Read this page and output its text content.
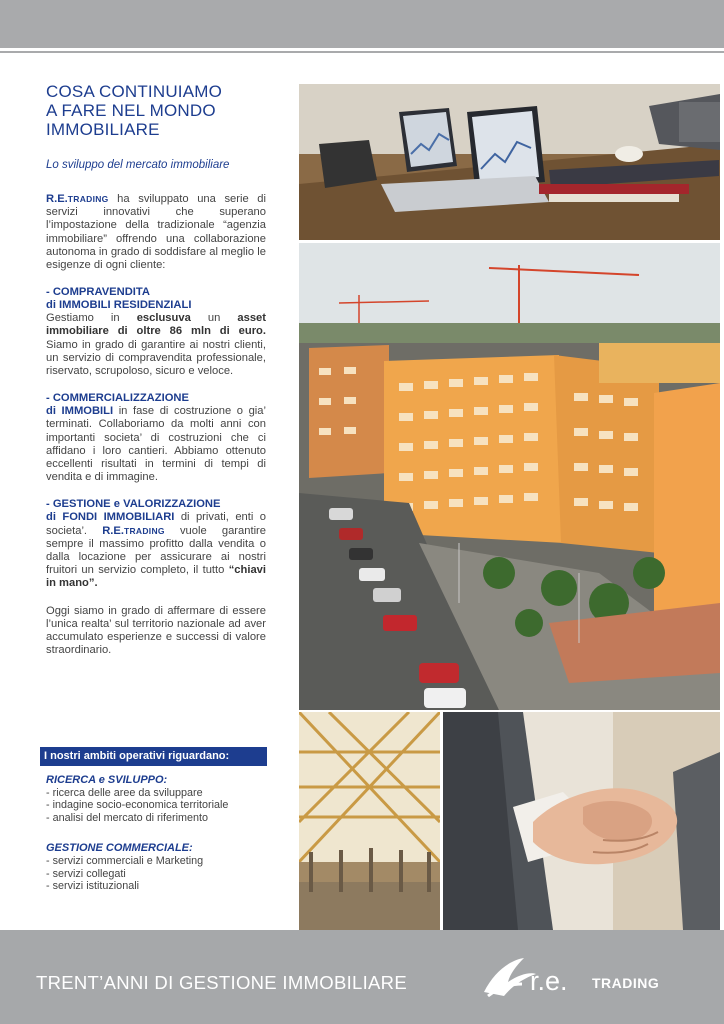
COSA CONTINUIAMO
A FARE NEL MONDO
IMMOBILIARE
Lo sviluppo del mercato immobiliare
R.E.TRADING ha sviluppato una serie di servizi innovativi che superano l’impostazione della tradizionale “agenzia immobiliare” offrendo una collaborazione autonoma in grado di soddisfare al meglio le esigenze di ogni cliente:
- COMPRAVENDITA
di IMMOBILI RESIDENZIALI
Gestiamo in esclusuva un asset immobiliare di oltre 86 mln di euro. Siamo in grado di garantire ai nostri clienti, un servizio di compravendita professionale, riservato, scrupoloso, sicuro e veloce.
- COMMERCIALIZZAZIONE
di IMMOBILI in fase di costruzione o gia’ terminati. Collaboriamo da molti anni con importanti societa’ di costruzioni che ci affidano i loro cantieri. Abbiamo ottenuto eccellenti risultati in termini di tempi di vendita e di immagine.
- GESTIONE e VALORIZZAZIONE
di FONDI IMMOBILIARI di privati, enti o societa’. R.E.TRADING vuole garantire sempre il massimo profitto dalla vendita o dalla locazione per assicurare ai nostri fruitori un servizio completo, il tutto “chiavi in mano”.
Oggi siamo in grado di affermare di essere l’unica realta’ sul territorio nazionale ad aver accumulato esperienze e successi di valore straordinario.
I nostri ambiti operativi riguardano:
RICERCA e SVILUPPO:
- ricerca delle aree da sviluppare
- indagine socio-economica territoriale
- analisi del mercato di riferimento
GESTIONE COMMERCIALE:
- servizi commerciali e Marketing
- servizi collegati
- servizi istituzionali
TRENT’ANNI DI GESTIONE IMMOBILIARE	r.e. TRADING
